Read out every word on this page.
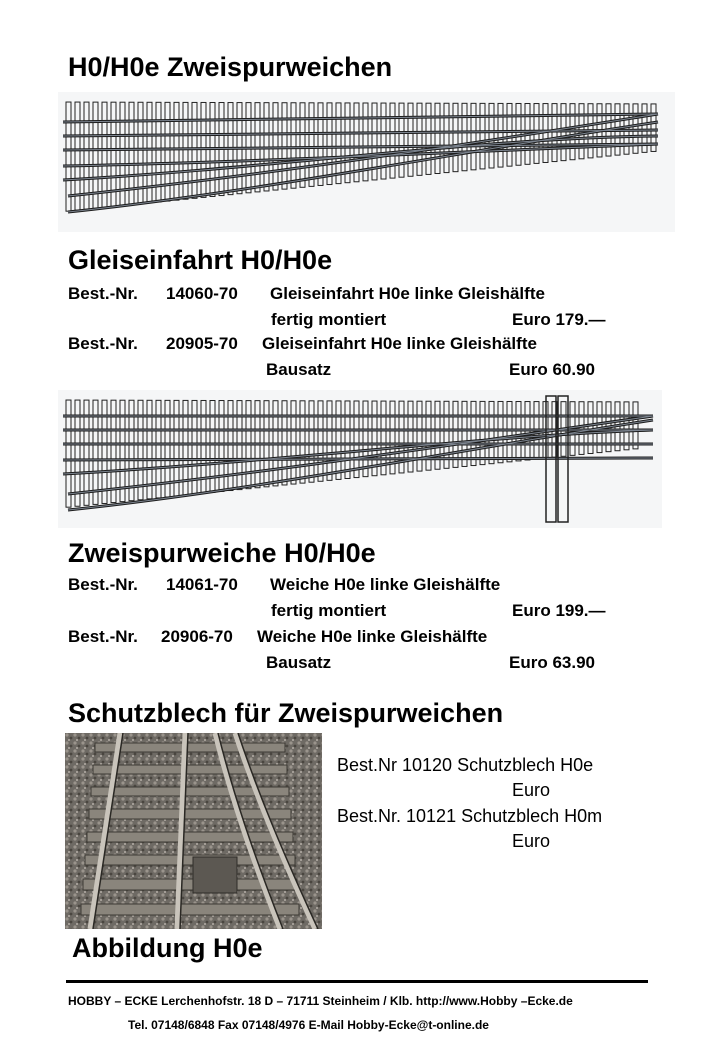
H0/H0e Zweispurweichen
Gleiseinfahrt H0/H0e
Best.-Nr. 14060-70 Gleiseinfahrt H0e linke Gleishälfte
fertig montiert	Euro 179.—
Best.-Nr. 20905-70 Gleiseinfahrt H0e linke Gleishälfte
Bausatz	Euro 60.90
Zweispurweiche H0/H0e
Best.-Nr. 14061-70 Weiche H0e linke Gleishälfte
fertig montiert	Euro 199.—
Best.-Nr. 20906-70 Weiche H0e linke Gleishälfte
Bausatz	Euro 63.90
Schutzblech für Zweispurweichen
Best.Nr 10120 Schutzblech H0e
Euro
Best.Nr. 10121 Schutzblech H0m
Euro
Abbildung H0e
HOBBY – ECKE Lerchenhofstr. 18 D – 71711 Steinheim / Klb. http://www.Hobby –Ecke.de
Tel. 07148/6848 Fax 07148/4976 E-Mail Hobby-Ecke@t-online.de
